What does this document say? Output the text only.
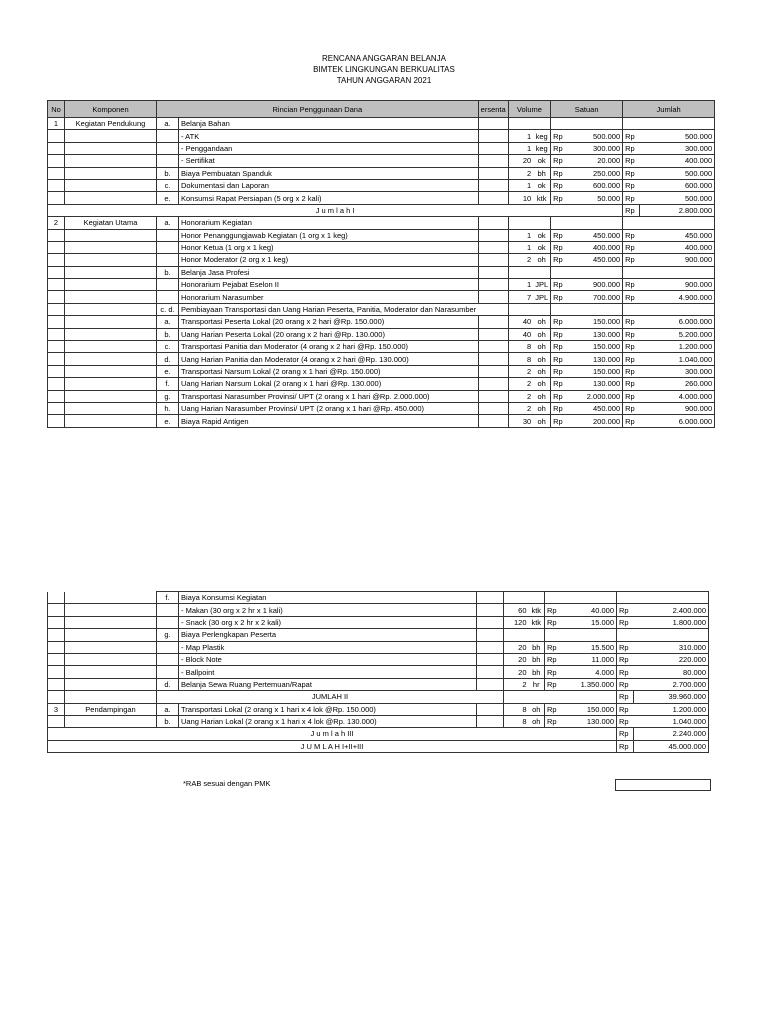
RENCANA ANGGARAN BELANJA
BIMTEK LINGKUNGAN BERKUALITAS
TAHUN ANGGARAN 2021
No	Komponen	Rincian Penggunaan Dana		ersenta	Volume		Satuan		Jumlah	
1	Kegiatan Pendukung	a.	Belanja Bahan							
			- ATK		1	keg	Rp	500.000	Rp	500.000
			- Penggandaan		1	keg	Rp	300.000	Rp	300.000
			- Sertifikat		20	ok	Rp	20.000	Rp	400.000
		b.	Biaya Pembuatan Spanduk		2	bh	Rp	250.000	Rp	500.000
		c.	Dokumentasi dan Laporan		1	ok	Rp	600.000	Rp	600.000
		e.	Konsumsi Rapat Persiapan (5 org x 2 kali)		10	ktk	Rp	50.000	Rp	500.000
J u m l a h I									Rp	2.800.000
2	Kegiatan Utama	a.	Honorarium Kegiatan							
			Honor Penanggungjawab Kegiatan (1 org x 1 keg)		1	ok	Rp	450.000	Rp	450.000
			Honor Ketua (1 org x 1 keg)		1	ok	Rp	400.000	Rp	400.000
			Honor Moderator (2 org x 1 keg)		2	oh	Rp	450.000	Rp	900.000
		b.	Belanja Jasa Profesi							
			Honorarium Pejabat Eselon II		1	JPL	Rp	900.000	Rp	900.000
			Honorarium Narasumber		7	JPL	Rp	700.000	Rp	4.900.000
		c. d.	Pembiayaan Transportasi dan Uang Harian Peserta, Panitia, Moderator dan Narasumber							
		a.	Transportasi Peserta Lokal (20 orang x 2 hari @Rp. 150.000)		40	oh	Rp	150.000	Rp	6.000.000
		b.	Uang Harian Peserta Lokal (20 orang x 2 hari @Rp. 130.000)		40	oh	Rp	130.000	Rp	5.200.000
		c.	Transportasi Panitia dan Moderator (4 orang x 2 hari @Rp. 150.000)		8	oh	Rp	150.000	Rp	1.200.000
		d.	Uang Harian Panitia dan Moderator (4 orang x 2 hari @Rp. 130.000)		8	oh	Rp	130.000	Rp	1.040.000
		e.	Transportasi Narsum Lokal (2 orang x 1 hari @Rp. 150.000)		2	oh	Rp	150.000	Rp	300.000
		f.	Uang Harian Narsum Lokal (2 orang x 1 hari @Rp. 130.000)		2	oh	Rp	130.000	Rp	260.000
		g.	Transportasi Narasumber Provinsi/ UPT (2 orang x 1 hari @Rp. 2.000.000)		2	oh	Rp	2.000.000	Rp	4.000.000
		h.	Uang Harian Narasumber Provinsi/ UPT (2 orang x 1 hari @Rp. 450.000)		2	oh	Rp	450.000	Rp	900.000
		e.	Biaya Rapid Antigen		30	oh	Rp	200.000	Rp	6.000.000
		f.	Biaya Konsumsi Kegiatan							
			- Makan (30 org x 2 hr x 1 kali)		60	ktk	Rp	40.000	Rp	2.400.000
			- Snack (30 org x 2 hr x 2 kali)		120	ktk	Rp	15.000	Rp	1.800.000
		g.	Biaya Perlengkapan Peserta							
			- Map Plastik		20	bh	Rp	15.500	Rp	310.000
			- Block Note		20	bh	Rp	11.000	Rp	220.000
			- Ballpoint		20	bh	Rp	4.000	Rp	80.000
		d.	Belanja Sewa Ruang Pertemuan/Rapat		2	hr	Rp	1.350.000	Rp	2.700.000
		JUMLAH II							Rp	39.960.000
3	Pendampingan	a.	Transportasi Lokal (2 orang x 1 hari x 4 lok @Rp. 150.000)		8	oh	Rp	150.000	Rp	1.200.000
		b.	Uang Harian Lokal (2 orang x 1 hari x 4 lok @Rp. 130.000)		8	oh	Rp	130.000	Rp	1.040.000
J u m l a h III									Rp	2.240.000
J U M L A H I+II+III									Rp	45.000.000
*RAB sesuai dengan PMK
